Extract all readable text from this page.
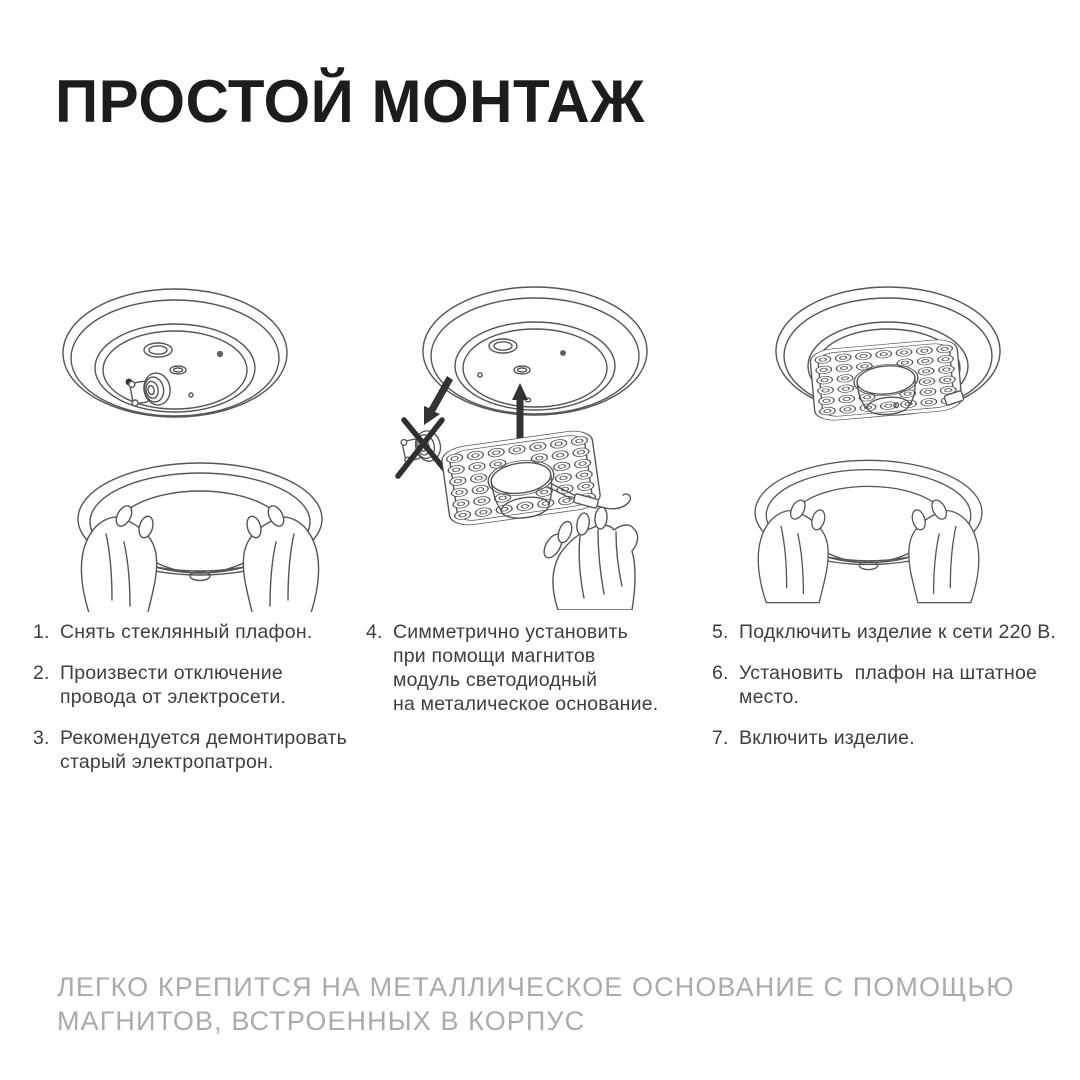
ПРОСТОЙ МОНТАЖ
1. Снять стеклянный плафон.
2. Произвести отключение
провода от электросети.
3. Рекомендуется демонтировать
старый электропатрон.
4. Симметрично установить
при помощи магнитов
модуль светодиодный
на металическое основание.
5. Подключить изделие к сети 220 В.
6. Установить  плафон на штатное
место.
7. Включить изделие.
ЛЕГКО КРЕПИТСЯ НА МЕТАЛЛИЧЕСКОЕ ОСНОВАНИЕ С ПОМОЩЬЮ
МАГНИТОВ, ВСТРОЕННЫХ В КОРПУС
